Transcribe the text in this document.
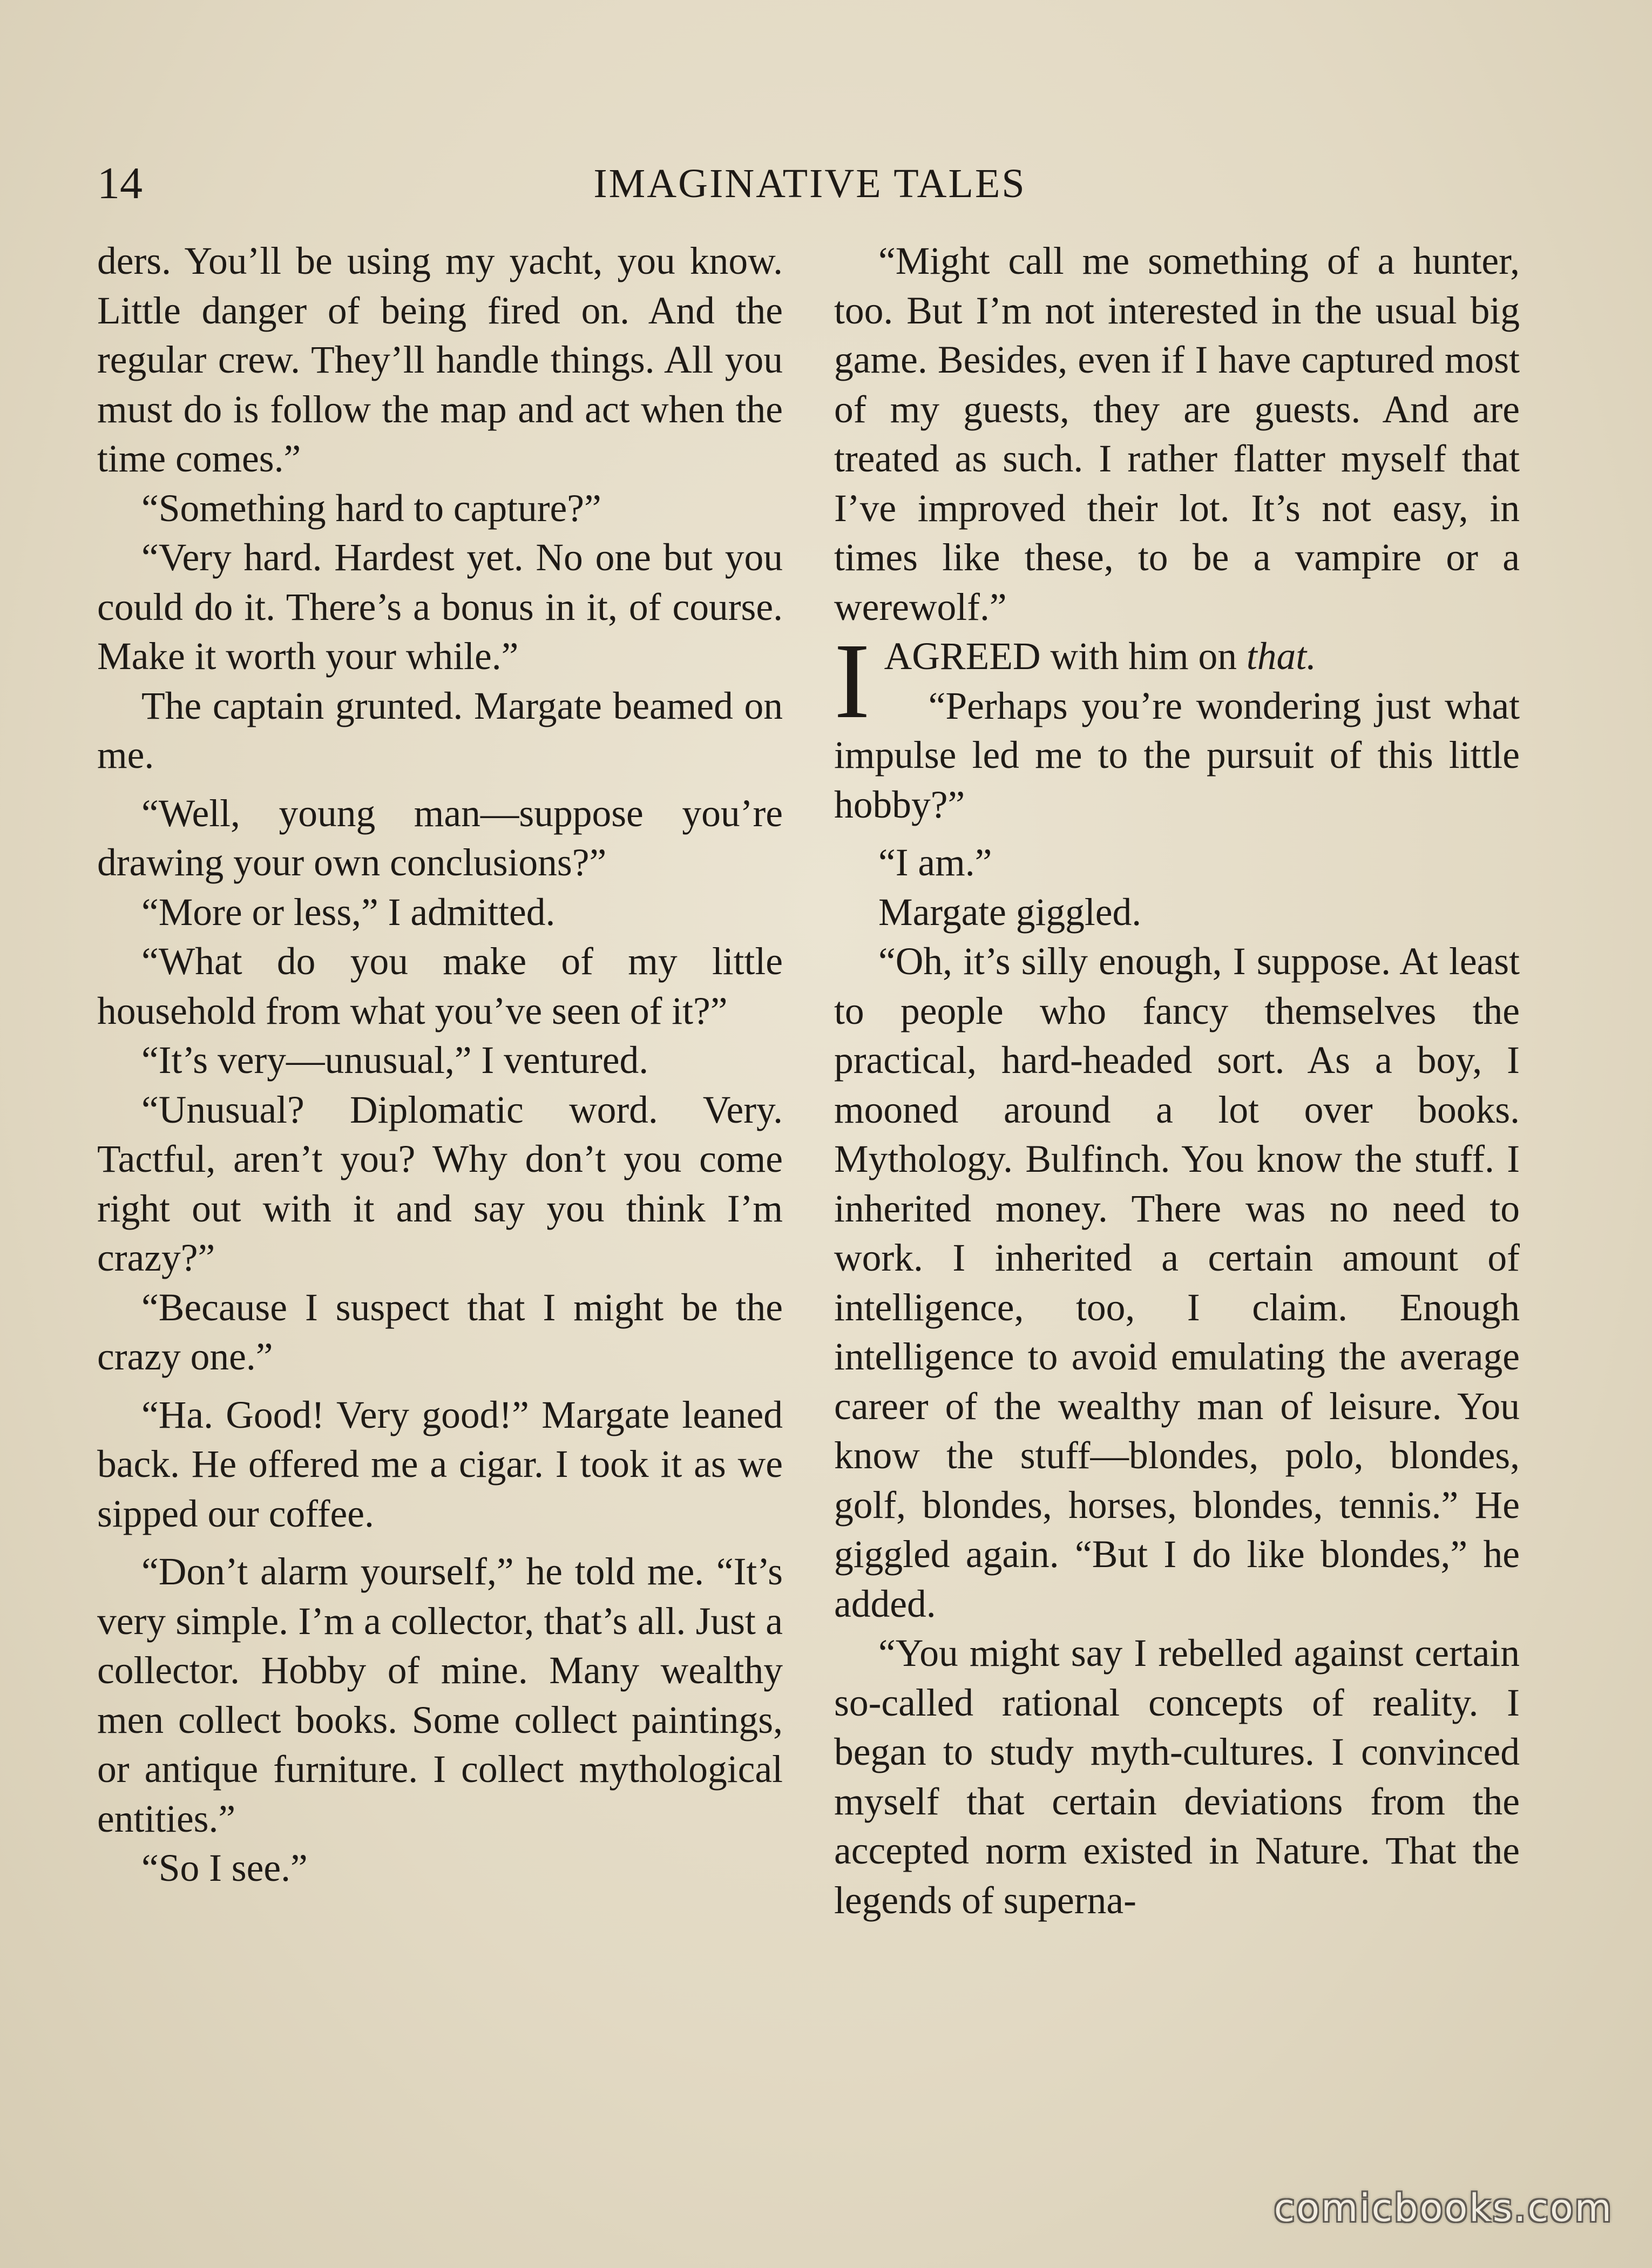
14	IMAGINATIVE TALES

ders. You’ll be using my yacht, you know. Little danger of being fired on. And the regular crew. They’ll handle things. All you must do is follow the map and act when the time comes.”

“Something hard to capture?”

“Very hard. Hardest yet. No one but you could do it. There’s a bonus in it, of course. Make it worth your while.”

The captain grunted. Margate beamed on me.

“Well, young man—suppose you’re drawing your own conclusions?”

“More or less,” I admitted.

“What do you make of my little household from what you’ve seen of it?”

“It’s very—unusual,” I ventured.

“Unusual? Diplomatic word. Very. Tactful, aren’t you? Why don’t you come right out with it and say you think I’m crazy?”

“Because I suspect that I might be the crazy one.”

“Ha. Good! Very good!” Margate leaned back. He offered me a cigar. I took it as we sipped our coffee.

“Don’t alarm yourself,” he told me. “It’s very simple. I’m a collector, that’s all. Just a collector. Hobby of mine. Many wealthy men collect books. Some collect paintings, or antique furniture. I collect mythological entities.”

“So I see.”

“Might call me something of a hunter, too. But I’m not interested in the usual big game. Besides, even if I have captured most of my guests, they are guests. And are treated as such. I rather flatter myself that I’ve improved their lot. It’s not easy, in times like these, to be a vampire or a werewolf.”

IAGREED with him on that.
“Perhaps you’re wondering just what impulse led me to the pursuit of this little hobby?”

“I am.”

Margate giggled.

“Oh, it’s silly enough, I suppose. At least to people who fancy themselves the practical, hard-headed sort. As a boy, I mooned around a lot over books. Mythology. Bulfinch. You know the stuff. I inherited money. There was no need to work. I inherited a certain amount of intelligence, too, I claim. Enough intelligence to avoid emulating the average career of the wealthy man of leisure. You know the stuff—blondes, polo, blondes, golf, blondes, horses, blondes, tennis.” He giggled again. “But I do like blondes,” he added.

“You might say I rebelled against certain so-called rational concepts of reality. I began to study myth-cultures. I convinced myself that certain deviations from the accepted norm existed in Nature. That the legends of superna-

comicbooks.com
